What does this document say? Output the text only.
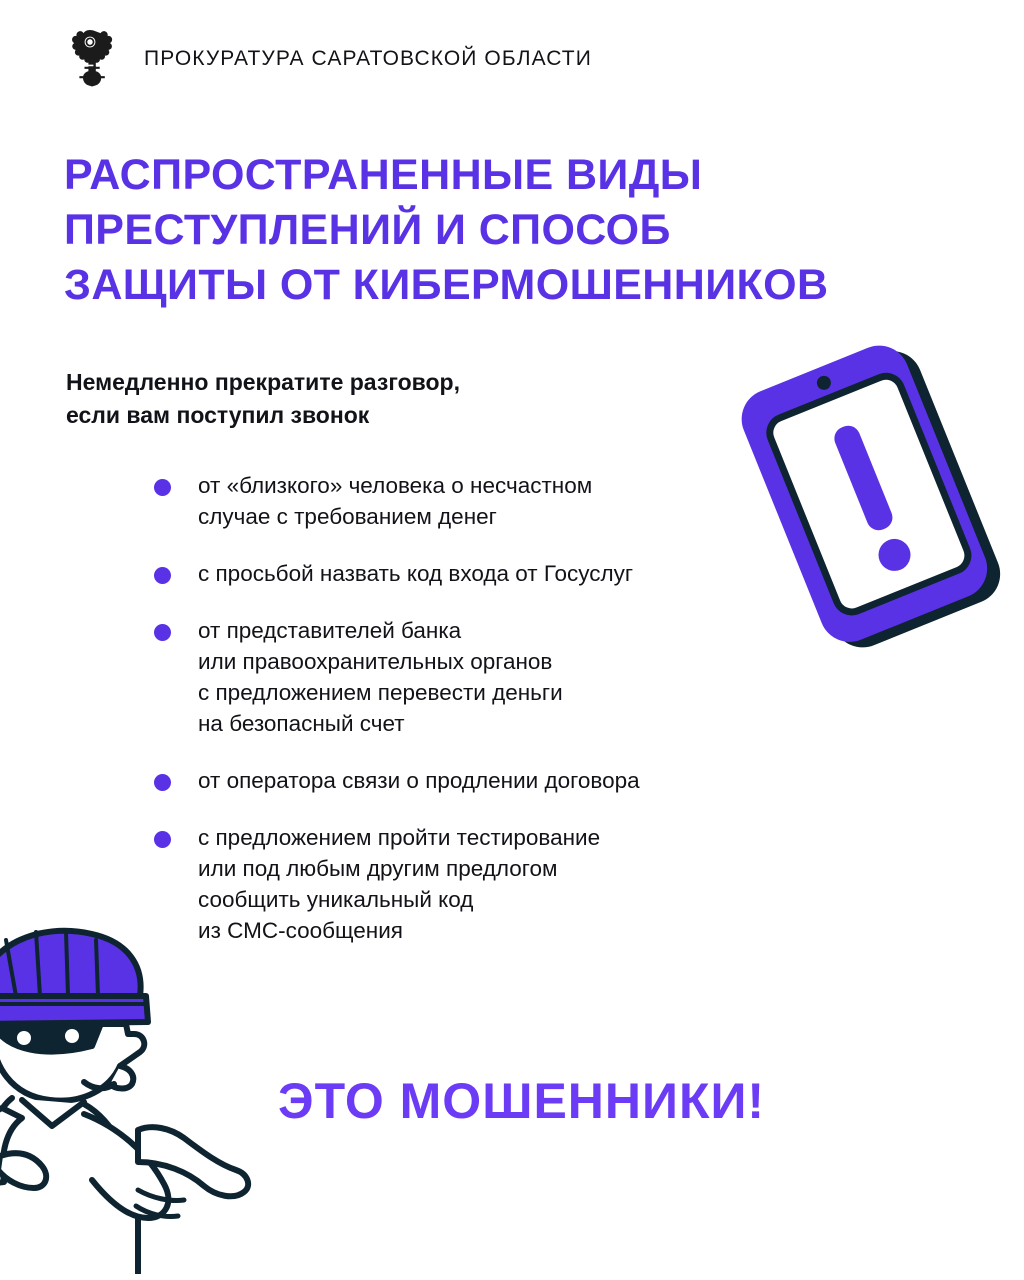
ПРОКУРАТУРА САРАТОВСКОЙ ОБЛАСТИ
РАСПРОСТРАНЕННЫЕ ВИДЫ
ПРЕСТУПЛЕНИЙ И СПОСОБ
ЗАЩИТЫ ОТ КИБЕРМОШЕННИКОВ
Немедленно прекратите разговор,
если вам поступил звонок
от «близкого» человека о несчастном
случае с требованием денег
с просьбой назвать код входа от Госуслуг
от представителей банка
или правоохранительных органов
с предложением перевести деньги
на безопасный счет
от оператора связи о продлении договора
с предложением пройти тестирование
или под любым другим предлогом
сообщить уникальный код
из СМС-сообщения
ЭТО МОШЕННИКИ!
